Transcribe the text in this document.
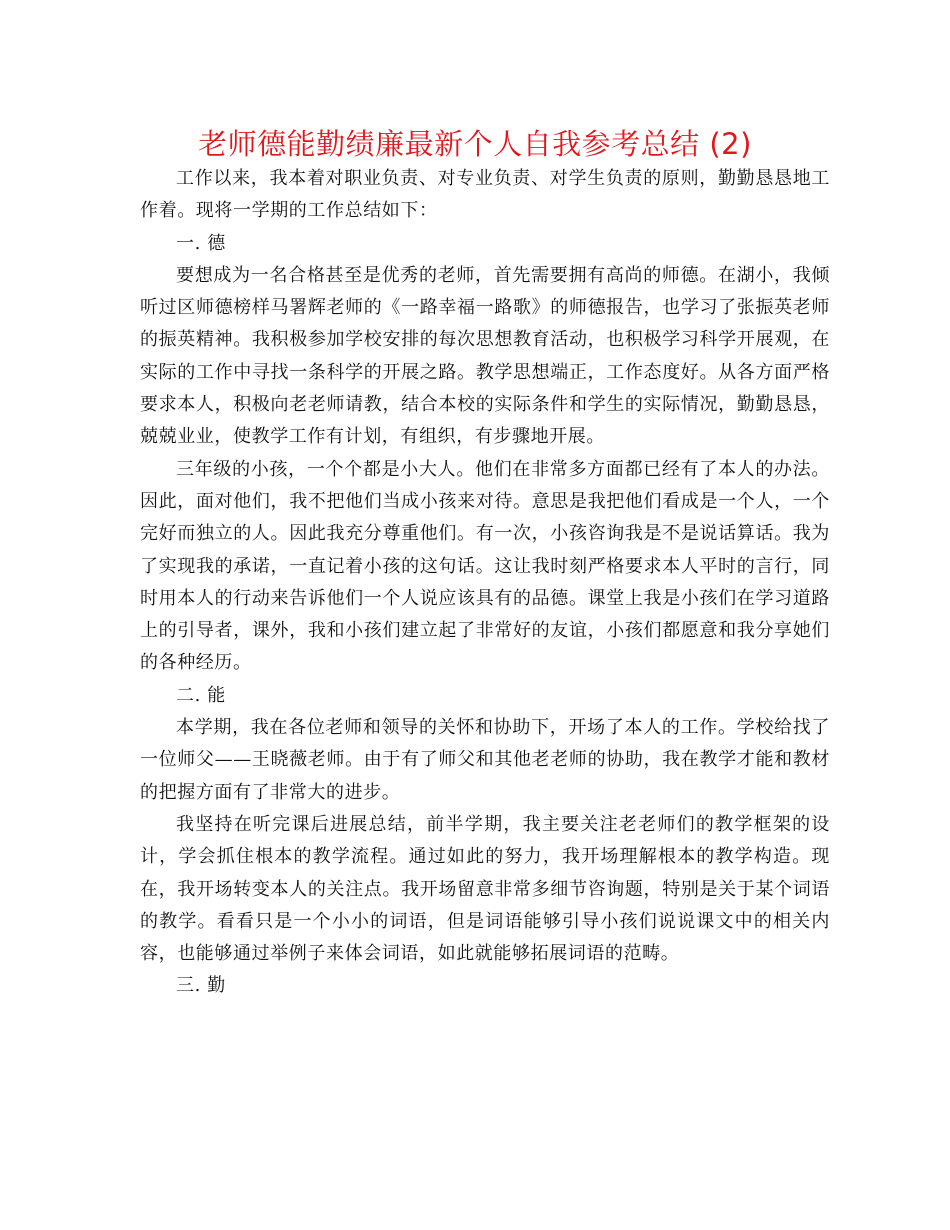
老师德能勤绩廉最新个人自我参考总结 (2)

工作以来，我本着对职业负责、对专业负责、对学生负责的原则，勤勤恳恳地工作着。现将一学期的工作总结如下：

一. 德

要想成为一名合格甚至是优秀的老师，首先需要拥有高尚的师德。在湖小，我倾听过区师德榜样马署辉老师的《一路幸福一路歌》的师德报告，也学习了张振英老师的振英精神。我积极参加学校安排的每次思想教育活动，也积极学习科学开展观，在实际的工作中寻找一条科学的开展之路。教学思想端正，工作态度好。从各方面严格要求本人，积极向老老师请教，结合本校的实际条件和学生的实际情况，勤勤恳恳，兢兢业业，使教学工作有计划，有组织，有步骤地开展。

三年级的小孩，一个个都是小大人。他们在非常多方面都已经有了本人的办法。因此，面对他们，我不把他们当成小孩来对待。意思是我把他们看成是一个人，一个完好而独立的人。因此我充分尊重他们。有一次，小孩咨询我是不是说话算话。我为了实现我的承诺，一直记着小孩的这句话。这让我时刻严格要求本人平时的言行，同时用本人的行动来告诉他们一个人说应该具有的品德。课堂上我是小孩们在学习道路上的引导者，课外，我和小孩们建立起了非常好的友谊，小孩们都愿意和我分享她们的各种经历。

二. 能

本学期，我在各位老师和领导的关怀和协助下，开场了本人的工作。学校给找了一位师父——王晓薇老师。由于有了师父和其他老老师的协助，我在教学才能和教材的把握方面有了非常大的进步。

我坚持在听完课后进展总结，前半学期，我主要关注老老师们的教学框架的设计，学会抓住根本的教学流程。通过如此的努力，我开场理解根本的教学构造。现在，我开场转变本人的关注点。我开场留意非常多细节咨询题，特别是关于某个词语的教学。看看只是一个小小的词语，但是词语能够引导小孩们说说课文中的相关内容，也能够通过举例子来体会词语，如此就能够拓展词语的范畴。

三. 勤
